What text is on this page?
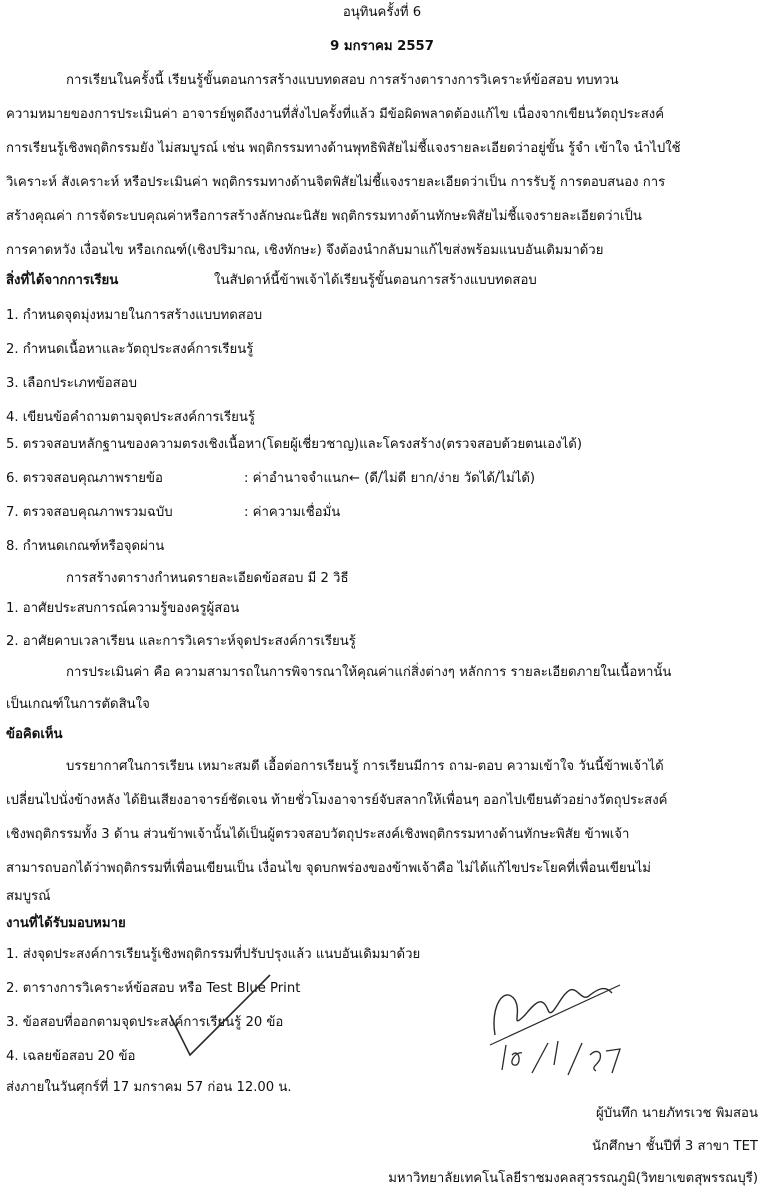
อนุทินครั้งที่ 6
9 มกราคม 2557
การเรียนในครั้งนี้ เรียนรู้ขั้นตอนการสร้างแบบทดสอบ การสร้างตารางการวิเคราะห์ข้อสอบ ทบทวน
ความหมายของการประเมินค่า อาจารย์พูดถึงงานที่สั่งไปครั้งที่แล้ว มีข้อผิดพลาดต้องแก้ไข เนื่องจากเขียนวัตถุประสงค์
การเรียนรู้เชิงพฤติกรรมยัง ไม่สมบูรณ์ เช่น พฤติกรรมทางด้านพุทธิพิสัยไม่ชี้แจงรายละเอียดว่าอยู่ขั้น รู้จำ เข้าใจ นำไปใช้
วิเคราะห์ สังเคราะห์ หรือประเมินค่า พฤติกรรมทางด้านจิตพิสัยไม่ชี้แจงรายละเอียดว่าเป็น การรับรู้ การตอบสนอง การ
สร้างคุณค่า การจัดระบบคุณค่าหรือการสร้างลักษณะนิสัย พฤติกรรมทางด้านทักษะพิสัยไม่ชี้แจงรายละเอียดว่าเป็น
การคาดหวัง เงื่อนไข หรือเกณฑ์(เชิงปริมาณ, เชิงทักษะ) จึงต้องนำกลับมาแก้ไขส่งพร้อมแนบอันเดิมมาด้วย
สิ่งที่ได้จากการเรียน	ในสัปดาห์นี้ข้าพเจ้าได้เรียนรู้ขั้นตอนการสร้างแบบทดสอบ
1. กำหนดจุดมุ่งหมายในการสร้างแบบทดสอบ
2. กำหนดเนื้อหาและวัตถุประสงค์การเรียนรู้
3. เลือกประเภทข้อสอบ
4. เขียนข้อคำถามตามจุดประสงค์การเรียนรู้
5. ตรวจสอบหลักฐานของความตรงเชิงเนื้อหา(โดยผู้เชี่ยวชาญ)และโครงสร้าง(ตรวจสอบด้วยตนเองได้)
6. ตรวจสอบคุณภาพรายข้อ	: ค่าอำนาจจำแนก← (ดี/ไม่ดี ยาก/ง่าย วัดได้/ไม่ได้)
7. ตรวจสอบคุณภาพรวมฉบับ	: ค่าความเชื่อมั่น
8. กำหนดเกณฑ์หรือจุดผ่าน
การสร้างตารางกำหนดรายละเอียดข้อสอบ มี 2 วิธี
1. อาศัยประสบการณ์ความรู้ของครูผู้สอน
2. อาศัยคาบเวลาเรียน และการวิเคราะห์จุดประสงค์การเรียนรู้
การประเมินค่า คือ ความสามารถในการพิจารณาให้คุณค่าแก่สิ่งต่างๆ หลักการ รายละเอียดภายในเนื้อหานั้น
เป็นเกณฑ์ในการตัดสินใจ
ข้อคิดเห็น
บรรยากาศในการเรียน เหมาะสมดี เอื้อต่อการเรียนรู้ การเรียนมีการ ถาม-ตอบ ความเข้าใจ วันนี้ข้าพเจ้าได้
เปลี่ยนไปนั่งข้างหลัง ได้ยินเสียงอาจารย์ชัดเจน ท้ายชั่วโมงอาจารย์จับสลากให้เพื่อนๆ ออกไปเขียนตัวอย่างวัตถุประสงค์
เชิงพฤติกรรมทั้ง 3 ด้าน ส่วนข้าพเจ้านั้นได้เป็นผู้ตรวจสอบวัตถุประสงค์เชิงพฤติกรรมทางด้านทักษะพิสัย ข้าพเจ้า
สามารถบอกได้ว่าพฤติกรรมที่เพื่อนเขียนเป็น เงื่อนไข จุดบกพร่องของข้าพเจ้าคือ ไม่ได้แก้ไขประโยคที่เพื่อนเขียนไม่
สมบูรณ์
งานที่ได้รับมอบหมาย
1. ส่งจุดประสงค์การเรียนรู้เชิงพฤติกรรมที่ปรับปรุงแล้ว แนบอันเดิมมาด้วย
2. ตารางการวิเคราะห์ข้อสอบ หรือ Test Blue Print
3. ข้อสอบที่ออกตามจุดประสงค์การเรียนรู้ 20 ข้อ
4. เฉลยข้อสอบ 20 ข้อ
ส่งภายในวันศุกร์ที่ 17 มกราคม 57 ก่อน 12.00 น.
ผู้บันทึก นายภัทรเวช พิมสอน
นักศึกษา ชั้นปีที่ 3 สาขา TET
มหาวิทยาลัยเทคโนโลยีราชมงคลสุวรรณภูมิ(วิทยาเขตสุพรรณบุรี)
